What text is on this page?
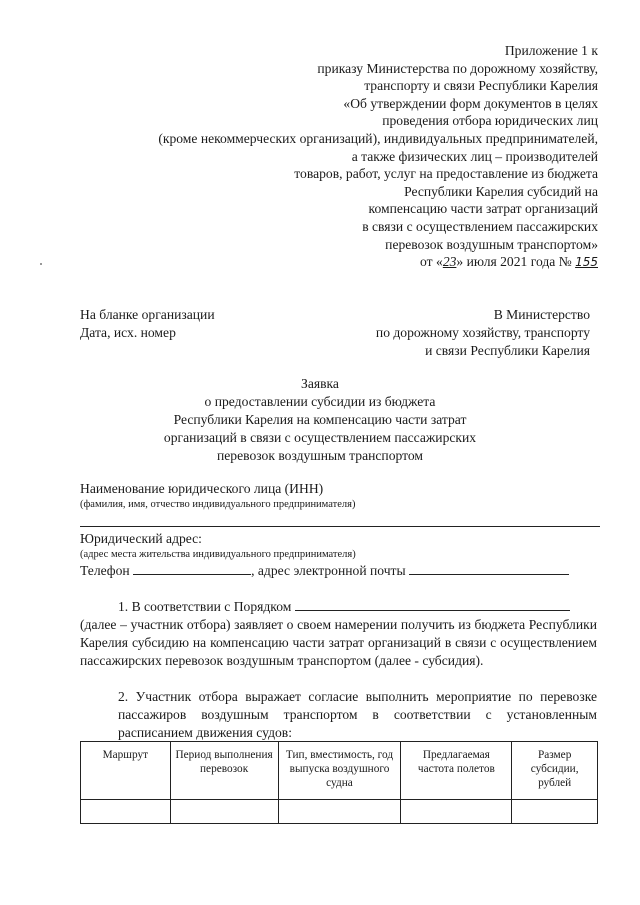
Приложение 1 к
приказу Министерства по дорожному хозяйству,
транспорту и связи Республики Карелия
«Об утверждении форм документов в целях
проведения отбора юридических лиц
(кроме некоммерческих организаций), индивидуальных предпринимателей,
а также физических лиц – производителей
товаров, работ, услуг на предоставление из бюджета
Республики Карелия субсидий на
компенсацию части затрат организаций
в связи с осуществлением пассажирских
перевозок воздушным транспортом»
от «23» июля 2021 года № 155
На бланке организации
Дата, исх. номер
В Министерство
по дорожному хозяйству, транспорту
и связи Республики Карелия
Заявка
о предоставлении субсидии из бюджета
Республики Карелия на компенсацию части затрат
организаций в связи с осуществлением пассажирских
перевозок воздушным транспортом
Наименование юридического лица (ИНН)
(фамилия, имя, отчество индивидуального предпринимателя)
Юридический адрес:
(адрес места жительства индивидуального предпринимателя)
Телефон	, адрес электронной почты
1. В соответствии с Порядком
(далее – участник отбора) заявляет о своем намерении получить из бюджета Республики Карелия субсидию на компенсацию части затрат организаций в связи с осуществлением пассажирских перевозок воздушным транспортом (далее - субсидия).
2. Участник отбора выражает согласие выполнить мероприятие по перевозке пассажиров воздушным транспортом в соответствии с установленным расписанием движения судов:
Маршрут	Период выполнения перевозок	Тип, вместимость, год выпуска воздушного судна	Предлагаемая частота полетов	Размер субсидии, рублей
